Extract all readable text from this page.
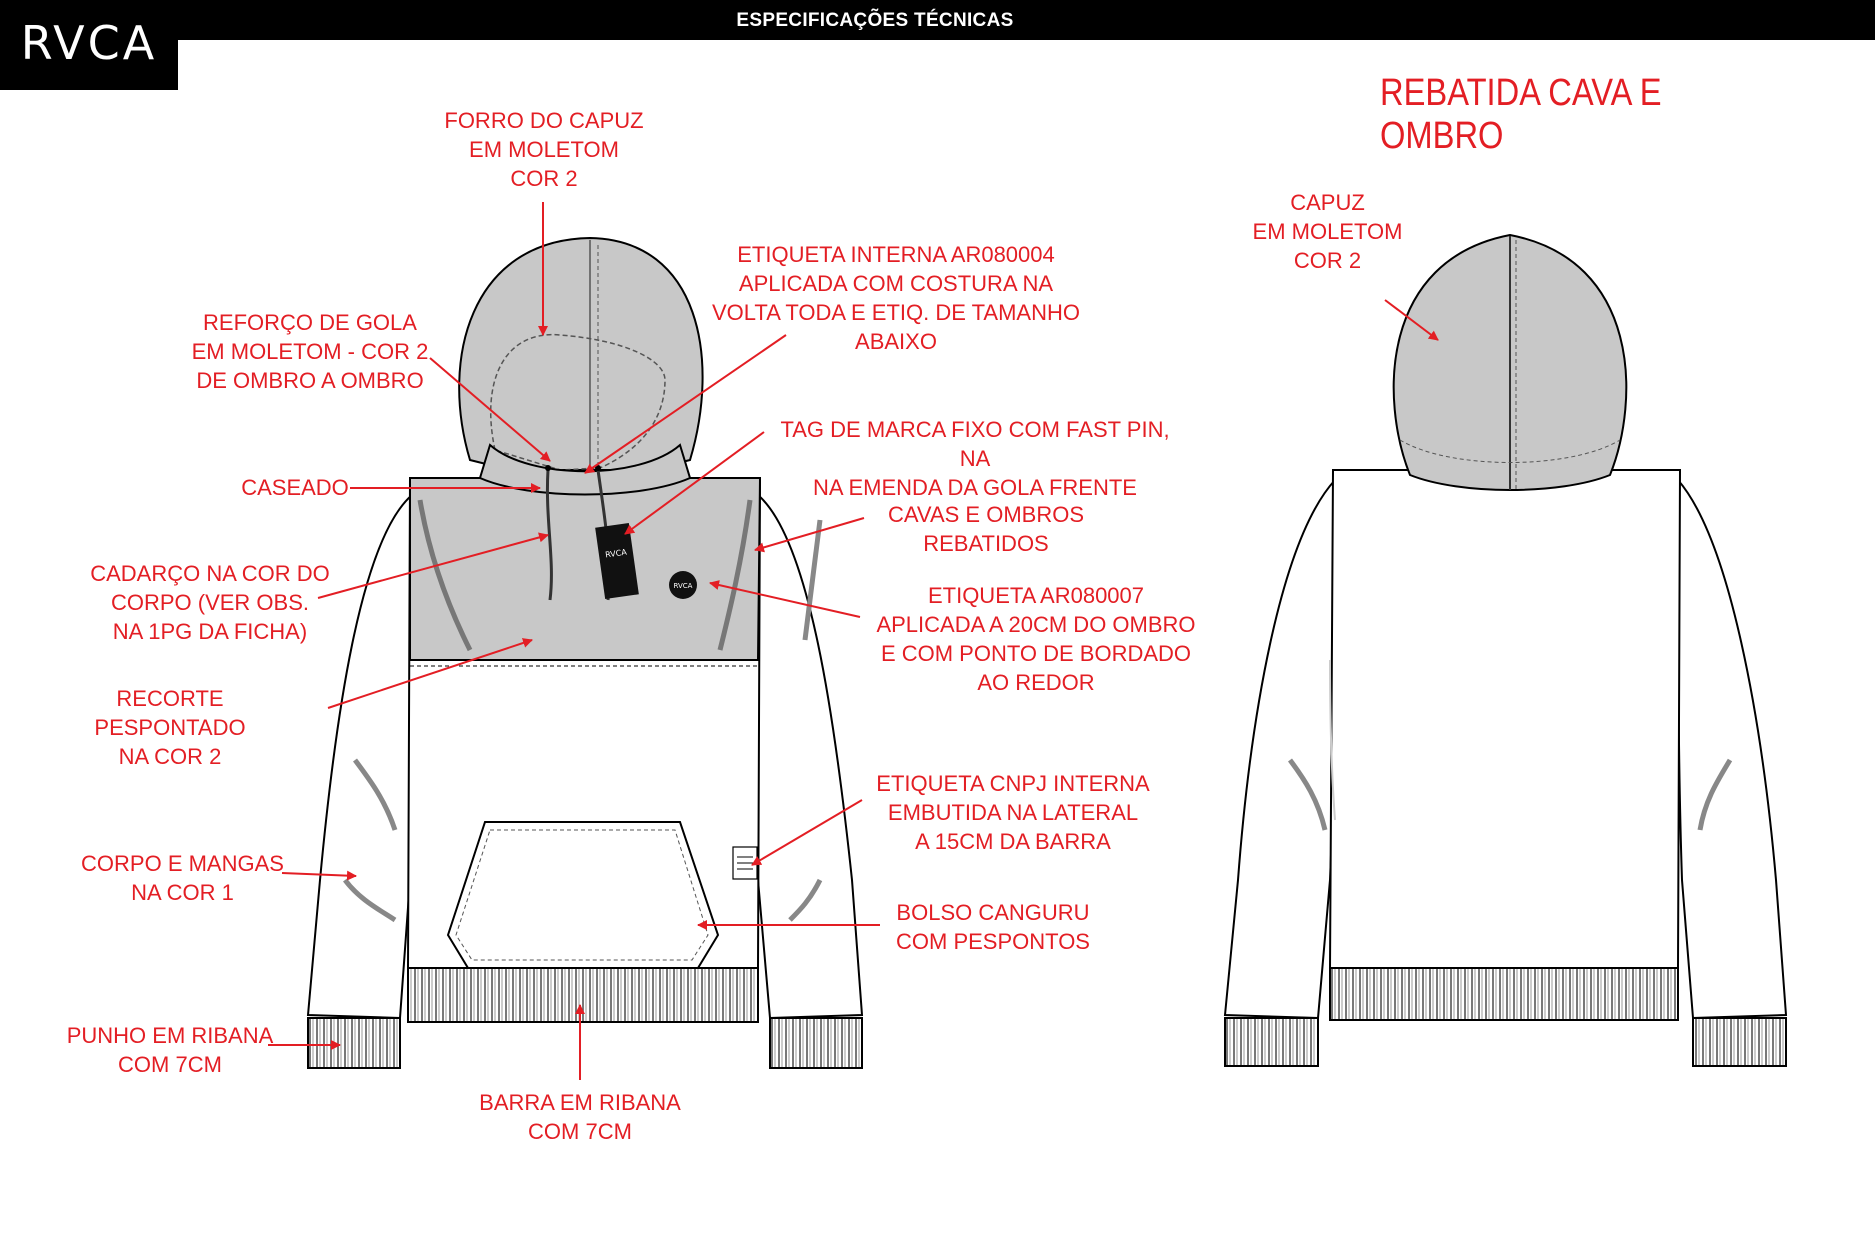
ESPECIFICAÇÕES TÉCNICAS
RVCA
REBATIDA CAVA E OMBRO
RVCA
RVCA
FORRO DO CAPUZ
EM MOLETOM
COR 2
REFORÇO DE GOLA
EM MOLETOM - COR 2
DE OMBRO A OMBRO
CASEADO
CADARÇO NA COR DO
CORPO (VER OBS.
NA 1PG DA FICHA)
RECORTE PESPONTADO
NA COR 2
CORPO E MANGAS
NA COR 1
PUNHO EM RIBANA
COM 7CM
BARRA EM RIBANA
COM 7CM
ETIQUETA INTERNA AR080004
APLICADA COM COSTURA NA
VOLTA TODA E ETIQ. DE TAMANHO
ABAIXO
TAG DE MARCA FIXO COM FAST PIN, NA
NA EMENDA DA GOLA FRENTE
CAVAS E OMBROS
REBATIDOS
ETIQUETA AR080007
APLICADA A 20CM DO OMBRO
E COM PONTO DE BORDADO
AO REDOR
ETIQUETA CNPJ INTERNA
EMBUTIDA NA LATERAL
A 15CM DA BARRA
BOLSO CANGURU
COM PESPONTOS
CAPUZ
EM MOLETOM
COR 2
